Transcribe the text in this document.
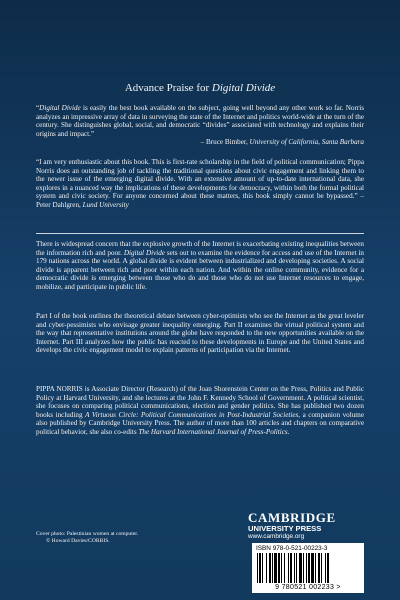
Advance Praise for Digital Divide

“Digital Divide is easily the best book available on the subject, going well beyond any other work so far. Norris analyzes an impressive array of data in surveying the state of the Internet and politics world-wide at the turn of the century. She distinguishes global, social, and democratic “divides” associated with technology and explains their origins and impact.”
– Bruce Bimber, University of California, Santa Barbara

“I am very enthusiastic about this book. This is first-rate scholarship in the field of political communication; Pippa Norris does an outstanding job of tackling the traditional questions about civic engagement and linking them to the newer issue of the emerging digital divide. With an extensive amount of up-to-date international data, she explores in a nuanced way the implications of these developments for democracy, within both the formal political system and civic society. For anyone concerned about these matters, this book simply cannot be bypassed.” – Peter Dahlgren, Lund University

There is widespread concern that the explosive growth of the Internet is exacerbating existing inequalities between the information rich and poor. Digital Divide sets out to examine the evidence for access and use of the Internet in 179 nations across the world. A global divide is evident between industrialized and developing societies. A social divide is apparent between rich and poor within each nation. And within the online community, evidence for a democratic divide is emerging between those who do and those who do not use Internet resources to engage, mobilize, and participate in public life.

Part I of the book outlines the theoretical debate between cyber-optimists who see the Internet as the great leveler and cyber-pessimists who envisage greater inequality emerging. Part II examines the virtual political system and the way that representative institutions around the globe have responded to the new opportunities available on the Internet. Part III analyzes how the public has reacted to these developments in Europe and the United States and develops the civic engagement model to explain patterns of participation via the Internet.

PIPPA NORRIS is Associate Director (Research) of the Joan Shorenstein Center on the Press, Politics and Public Policy at Harvard University, and she lectures at the John F. Kennedy School of Government. A political scientist, she focuses on comparing political communications, election and gender politics. She has published two dozen books including A Virtuous Circle: Political Communications in Post-Industrial Societies, a companion volume also published by Cambridge University Press. The author of more than 100 articles and chapters on comparative political behavior, she also co-edits The Harvard International Journal of Press-Politics.

Cover photo: Palestinian women at computer.
© Howard Davies/CORBIS.
CAMBRIDGE
UNIVERSITY PRESS
www.cambridge.org
ISBN 978-0-521-00223-3
9 780521 002233 >
